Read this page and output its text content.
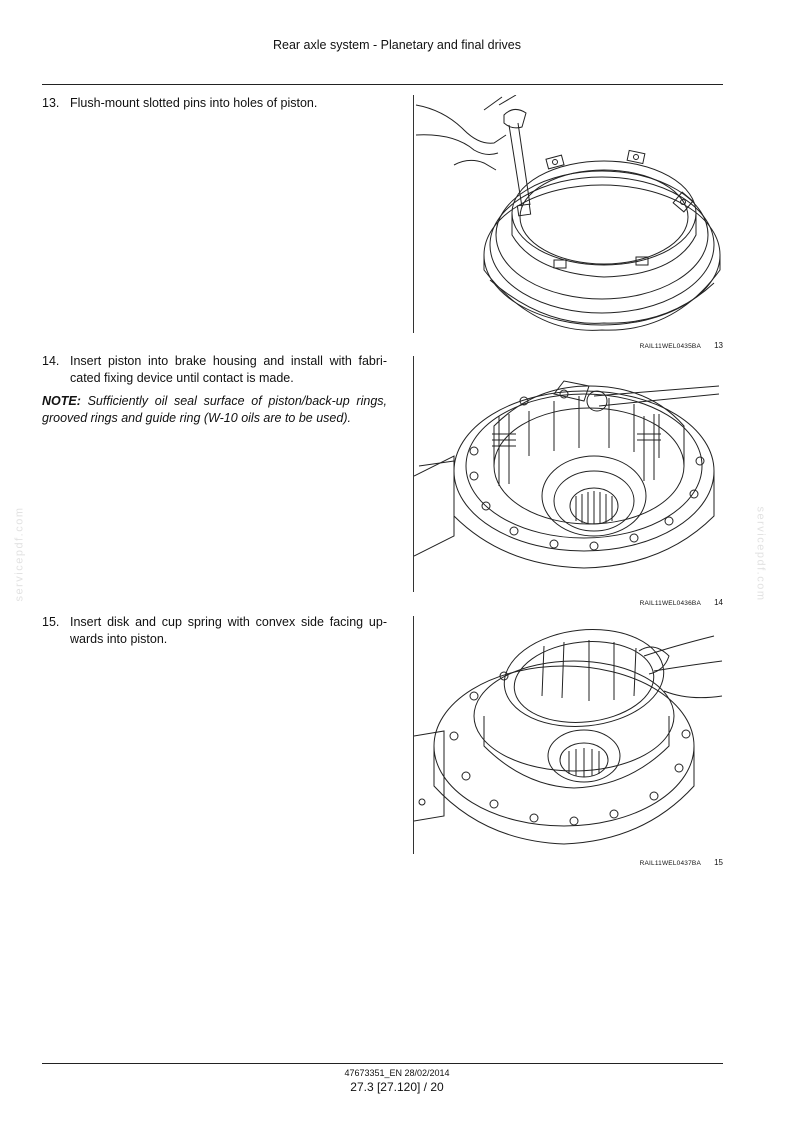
Rear axle system - Planetary and final drives
13. Flush-mount slotted pins into holes of piston.
14. Insert piston into brake housing and install with fabricated fixing device until contact is made.
NOTE: Sufficiently oil seal surface of piston/back-up rings, grooved rings and guide ring (W-10 oils are to be used).
15. Insert disk and cup spring with convex side facing upwards into piston.
RAIL11WEL0435BA 13
RAIL11WEL0436BA 14
RAIL11WEL0437BA 15
servicepdf.com	servicepdf.com
47673351_EN 28/02/2014
27.3 [27.120] / 20
